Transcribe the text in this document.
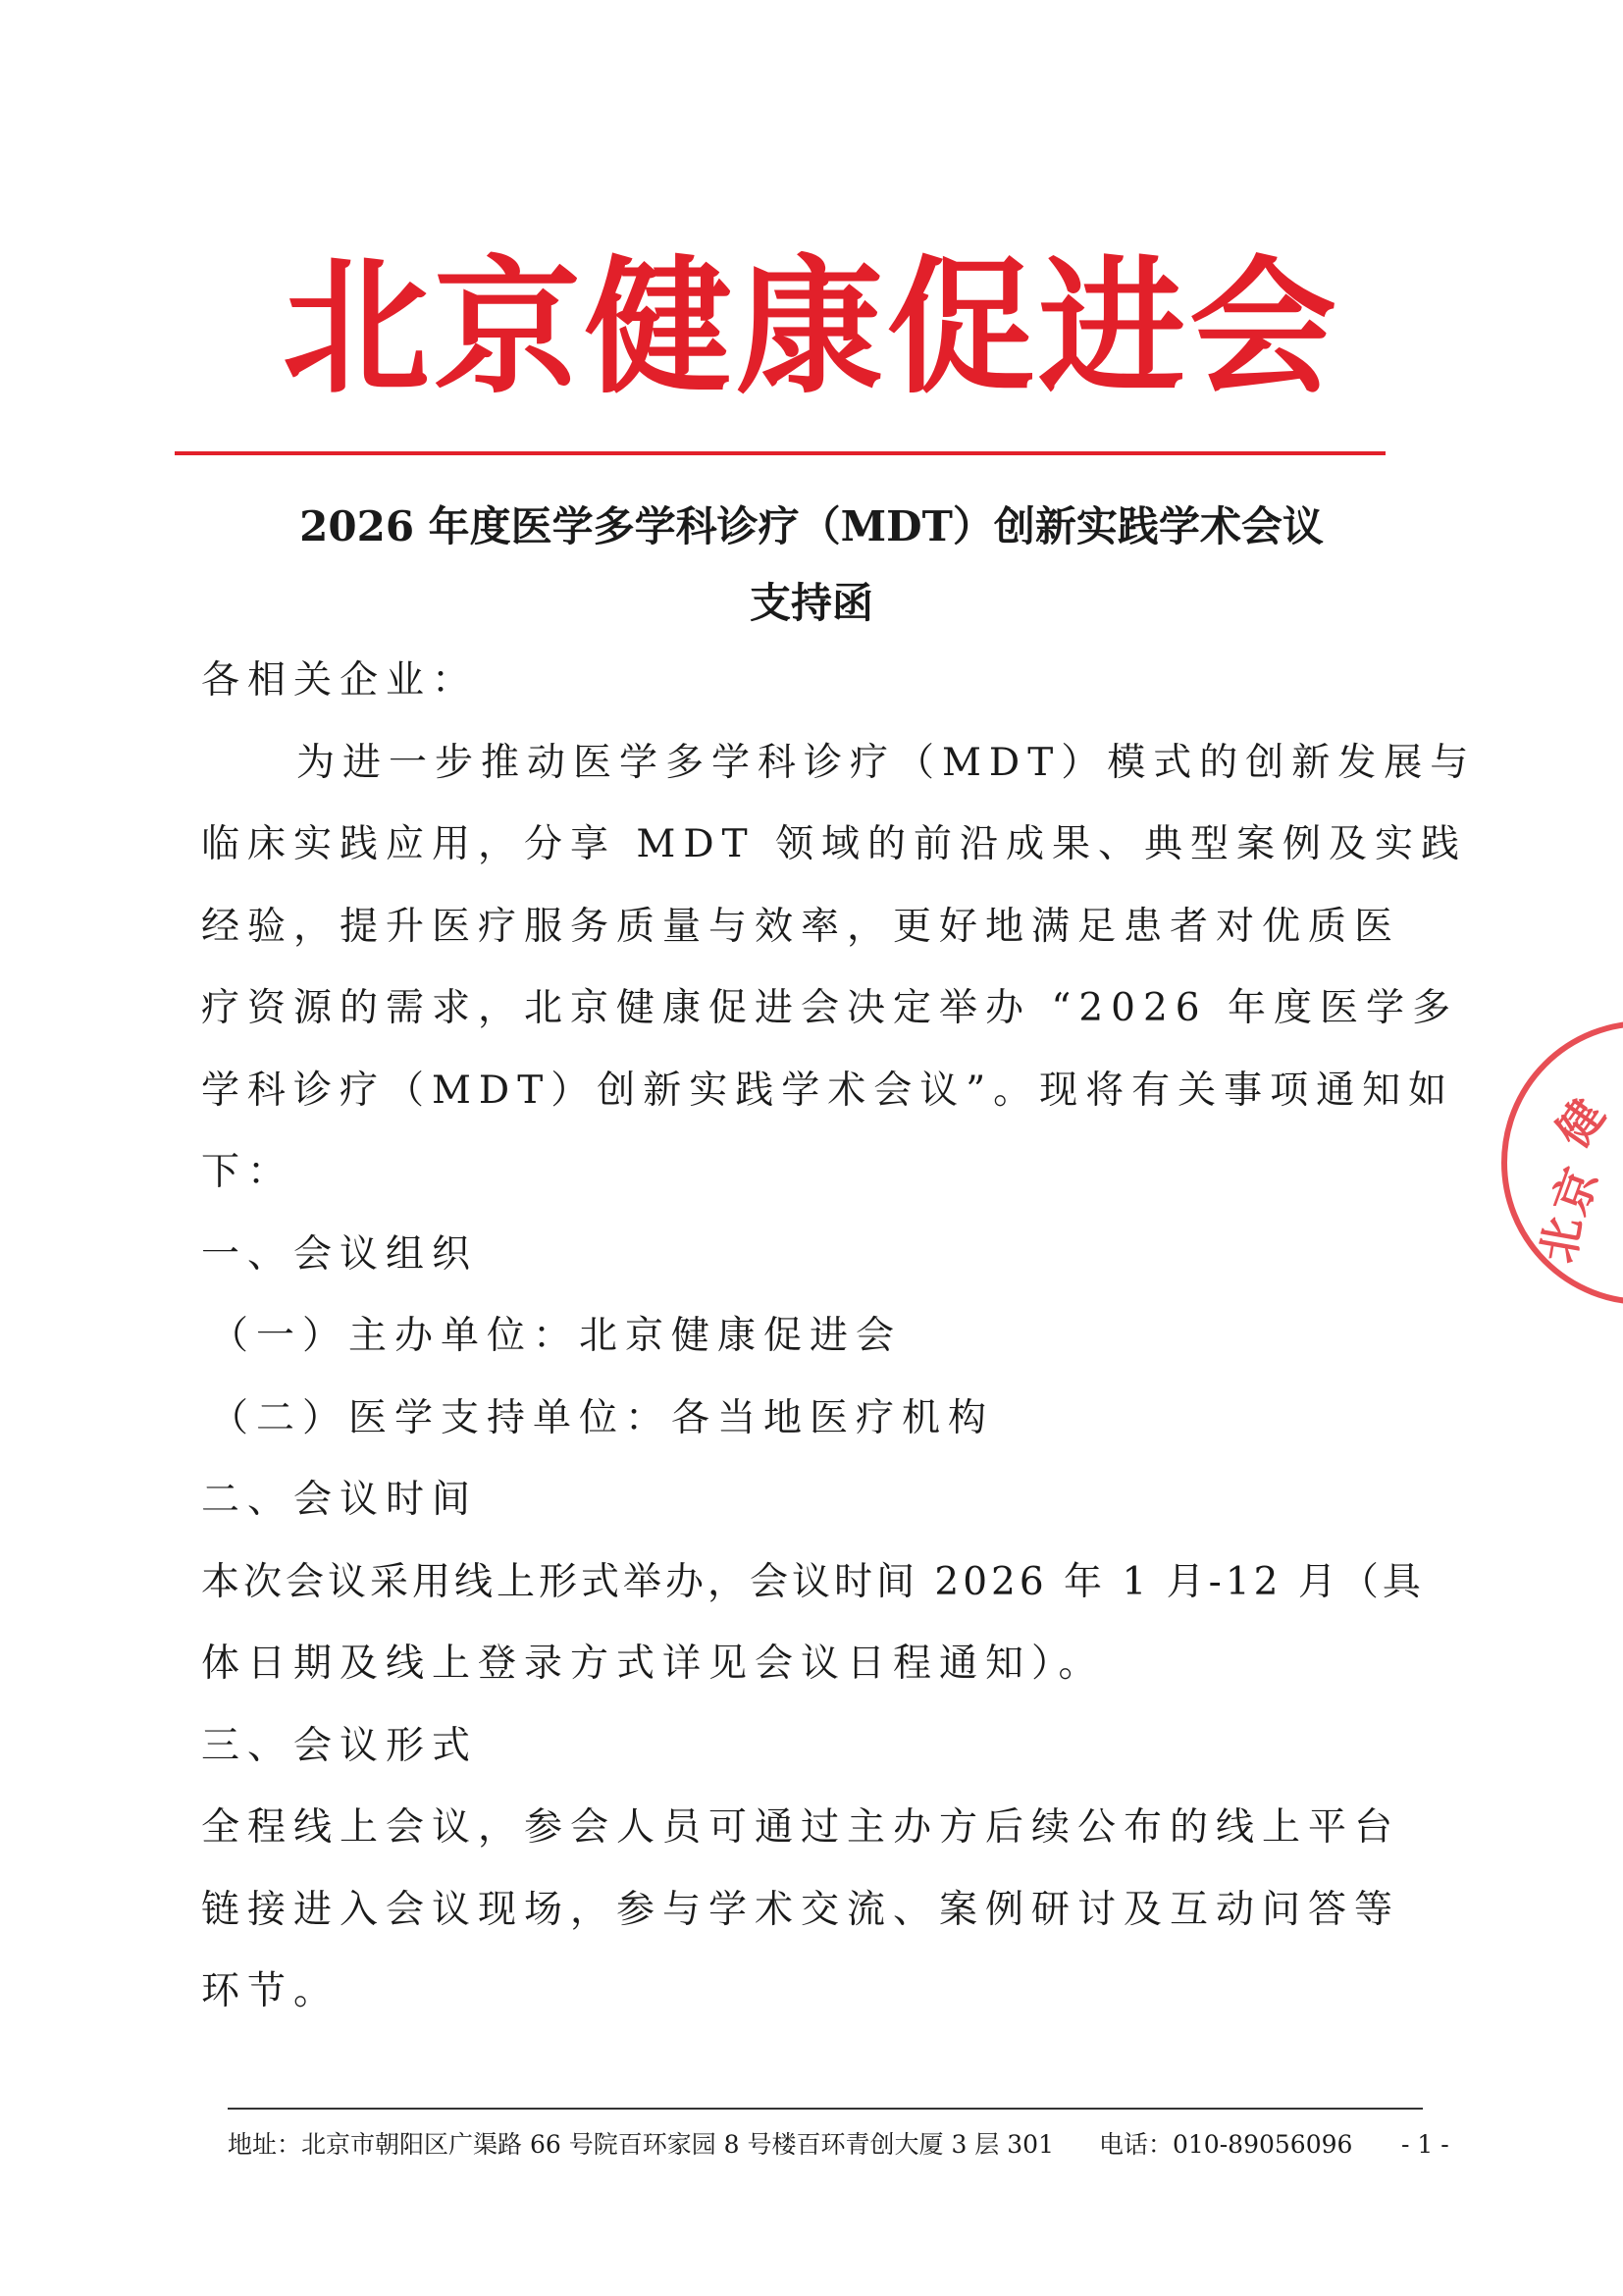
北京健康促进会
2026 年度医学多学科诊疗（MDT）创新实践学术会议
支持函
各相关企业：
为进一步推动医学多学科诊疗（MDT）模式的创新发展与
临床实践应用，分享 MDT 领域的前沿成果、典型案例及实践
经验，提升医疗服务质量与效率，更好地满足患者对优质医
疗资源的需求，北京健康促进会决定举办 “2026 年度医学多
学科诊疗（MDT）创新实践学术会议”。现将有关事项通知如
下：
一、会议组织
（一）主办单位：北京健康促进会
（二）医学支持单位：各当地医疗机构
二、会议时间
本次会议采用线上形式举办，会议时间 2026 年 1 月-12 月（具
体日期及线上登录方式详见会议日程通知）。
三、会议形式
全程线上会议，参会人员可通过主办方后续公布的线上平台
链接进入会议现场，参与学术交流、案例研讨及互动问答等
环节。
健
京
北
地址：北京市朝阳区广渠路 66 号院百环家园 8 号楼百环青创大厦 3 层 301 电话：010-89056096 - 1 -
